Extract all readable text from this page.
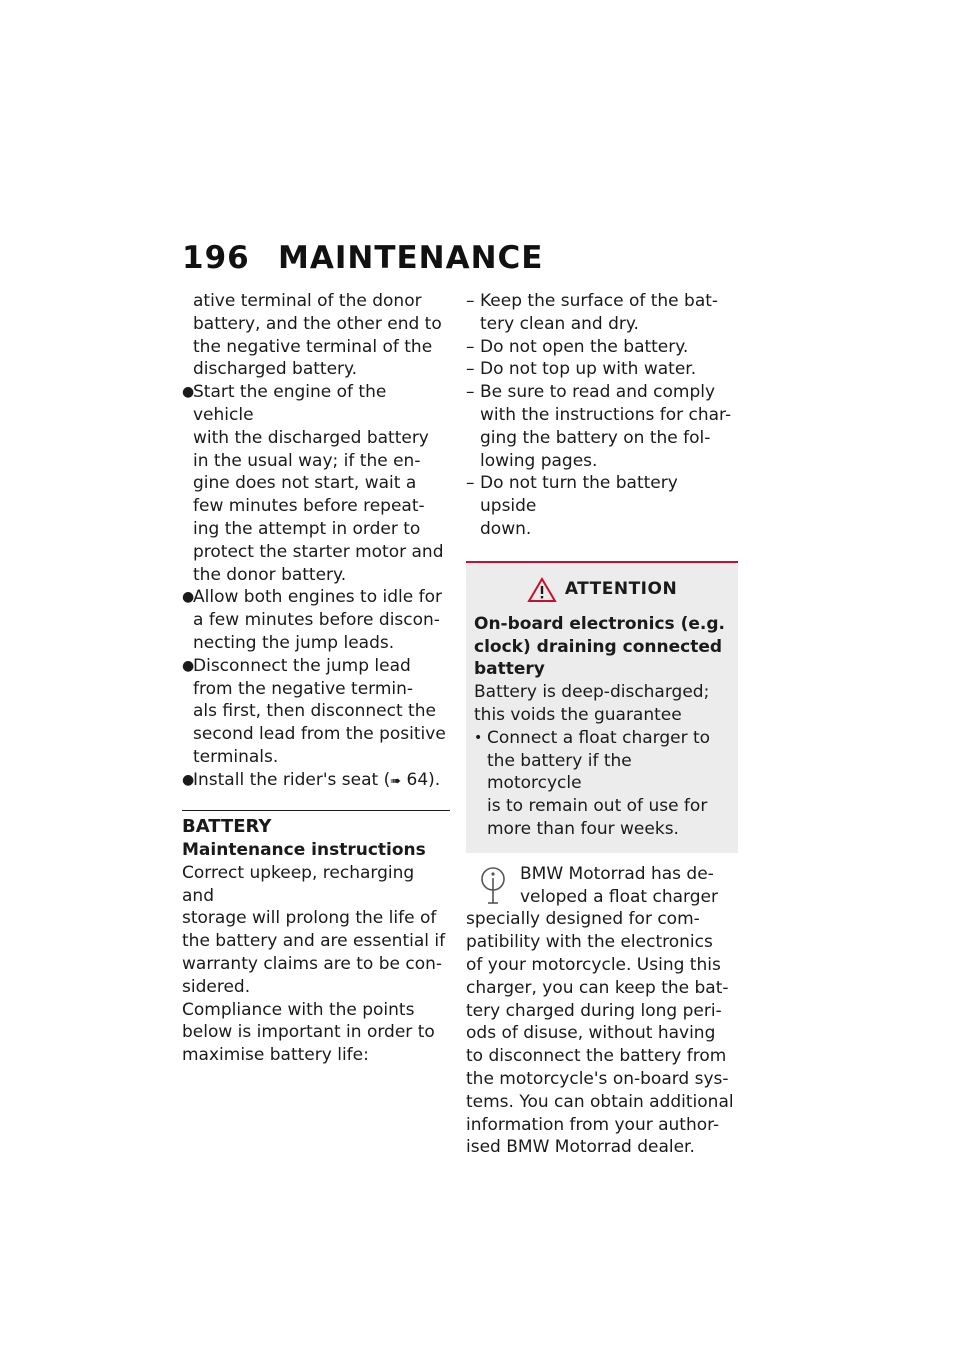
196 MAINTENANCE
ative terminal of the donor
battery, and the other end to
the negative terminal of the
discharged battery.
●
Start the engine of the vehicle
with the discharged battery
in the usual way; if the en-
gine does not start, wait a
few minutes before repeat-
ing the attempt in order to
protect the starter motor and
the donor battery.
●
Allow both engines to idle for
a few minutes before discon-
necting the jump leads.
●
Disconnect the jump lead
from the negative termin-
als first, then disconnect the
second lead from the positive
terminals.
●
Install the rider's seat (➠ 64).
BATTERY
Maintenance instructions
Correct upkeep, recharging and
storage will prolong the life of
the battery and are essential if
warranty claims are to be con-
sidered.
Compliance with the points
below is important in order to
maximise battery life:
– Keep the surface of the bat-
tery clean and dry.
– Do not open the battery.
– Do not top up with water.
– Be sure to read and comply
with the instructions for char-
ging the battery on the fol-
lowing pages.
– Do not turn the battery upside
down.
ATTENTION
On-board electronics (e.g.
clock) draining connected
battery
Battery is deep-discharged;
this voids the guarantee
• Connect a float charger to
the battery if the motorcycle
is to remain out of use for
more than four weeks.
BMW Motorrad has de-
veloped a float charger
specially designed for com-
patibility with the electronics
of your motorcycle. Using this
charger, you can keep the bat-
tery charged during long peri-
ods of disuse, without having
to disconnect the battery from
the motorcycle's on-board sys-
tems. You can obtain additional
information from your author-
ised BMW Motorrad dealer.
